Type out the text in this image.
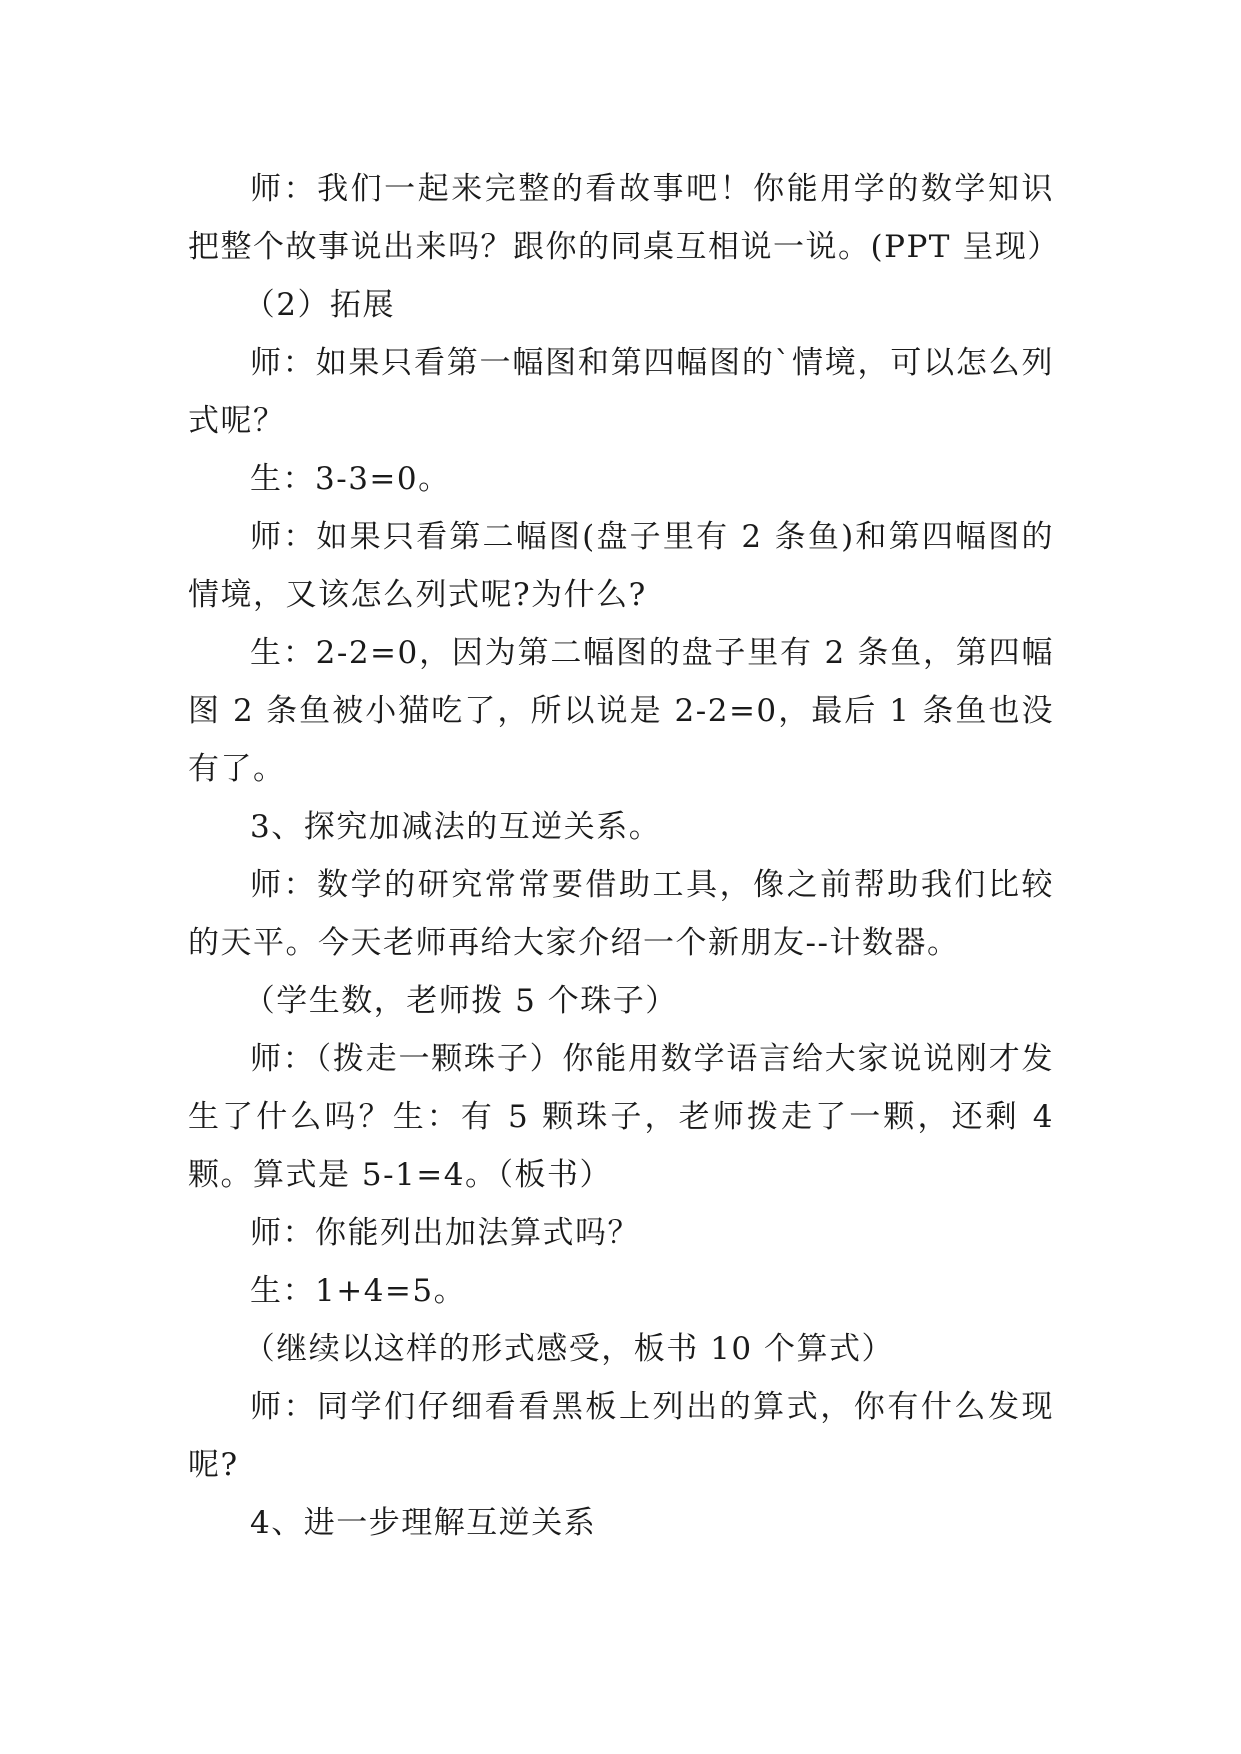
师：我们一起来完整的看故事吧！你能用学的数学知识把整个故事说出来吗？跟你的同桌互相说一说。(PPT 呈现）

（2）拓展

师：如果只看第一幅图和第四幅图的`情境，可以怎么列式呢？

生：3-3=0。

师：如果只看第二幅图(盘子里有 2 条鱼)和第四幅图的情境，又该怎么列式呢?为什么?

生：2-2=0，因为第二幅图的盘子里有 2 条鱼，第四幅图 2 条鱼被小猫吃了，所以说是 2-2=0，最后 1 条鱼也没有了。

3、探究加减法的互逆关系。

师：数学的研究常常要借助工具，像之前帮助我们比较的天平。今天老师再给大家介绍一个新朋友--计数器。

（学生数，老师拨 5 个珠子）

师：（拨走一颗珠子）你能用数学语言给大家说说刚才发生了什么吗？生：有 5 颗珠子，老师拨走了一颗，还剩 4 颗。算式是 5-1=4。（板书）

师：你能列出加法算式吗？

生：1+4=5。

（继续以这样的形式感受，板书 10 个算式）

师：同学们仔细看看黑板上列出的算式，你有什么发现呢?

4、进一步理解互逆关系
